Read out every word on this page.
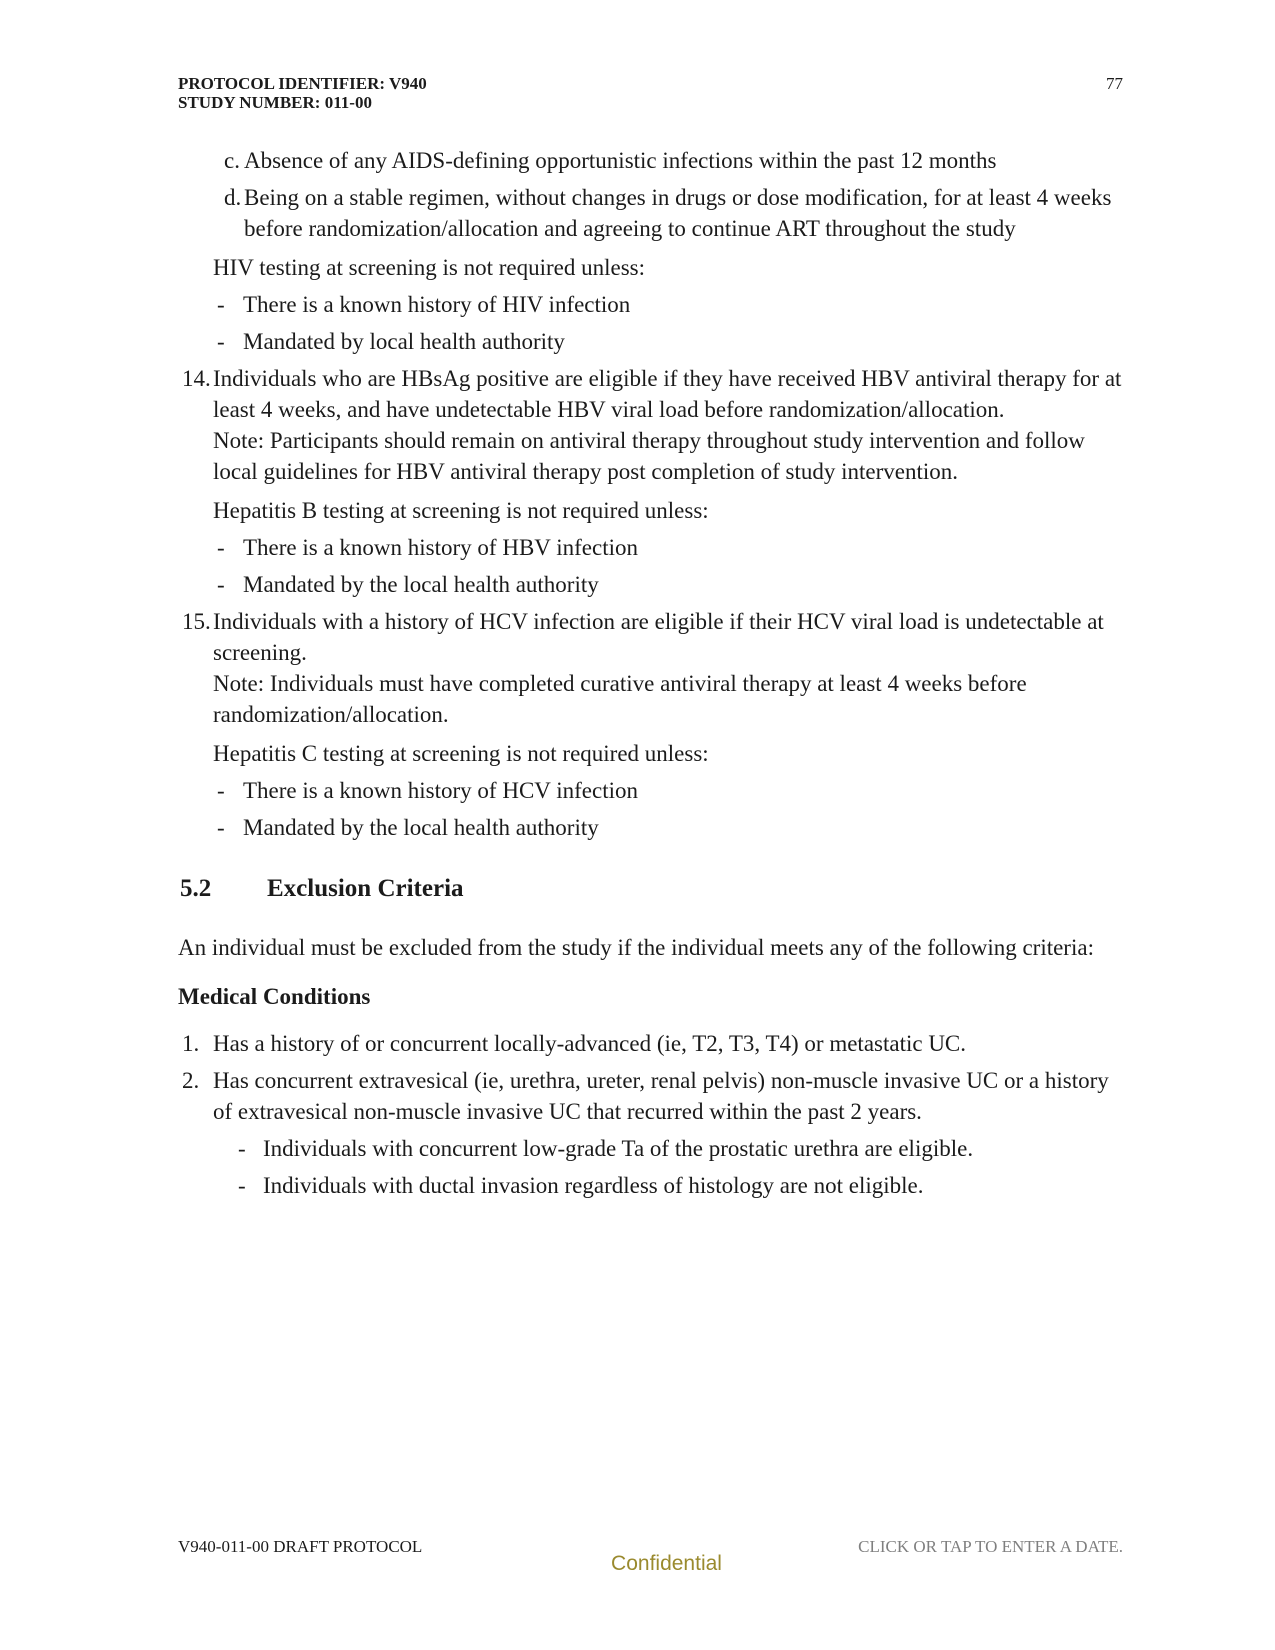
PROTOCOL IDENTIFIER: V940
STUDY NUMBER: 011-00
77
c. Absence of any AIDS-defining opportunistic infections within the past 12 months
d. Being on a stable regimen, without changes in drugs or dose modification, for at least 4 weeks before randomization/allocation and agreeing to continue ART throughout the study
HIV testing at screening is not required unless:
- There is a known history of HIV infection
- Mandated by local health authority
14. Individuals who are HBsAg positive are eligible if they have received HBV antiviral therapy for at least 4 weeks, and have undetectable HBV viral load before randomization/allocation.
Note: Participants should remain on antiviral therapy throughout study intervention and follow local guidelines for HBV antiviral therapy post completion of study intervention.
Hepatitis B testing at screening is not required unless:
- There is a known history of HBV infection
- Mandated by the local health authority
15. Individuals with a history of HCV infection are eligible if their HCV viral load is undetectable at screening.
Note: Individuals must have completed curative antiviral therapy at least 4 weeks before randomization/allocation.
Hepatitis C testing at screening is not required unless:
- There is a known history of HCV infection
- Mandated by the local health authority
5.2 Exclusion Criteria
An individual must be excluded from the study if the individual meets any of the following criteria:
Medical Conditions
1. Has a history of or concurrent locally-advanced (ie, T2, T3, T4) or metastatic UC.
2. Has concurrent extravesical (ie, urethra, ureter, renal pelvis) non-muscle invasive UC or a history of extravesical non-muscle invasive UC that recurred within the past 2 years.
- Individuals with concurrent low-grade Ta of the prostatic urethra are eligible.
- Individuals with ductal invasion regardless of histology are not eligible.
V940-011-00 DRAFT PROTOCOL	CLICK OR TAP TO ENTER A DATE.
Confidential
